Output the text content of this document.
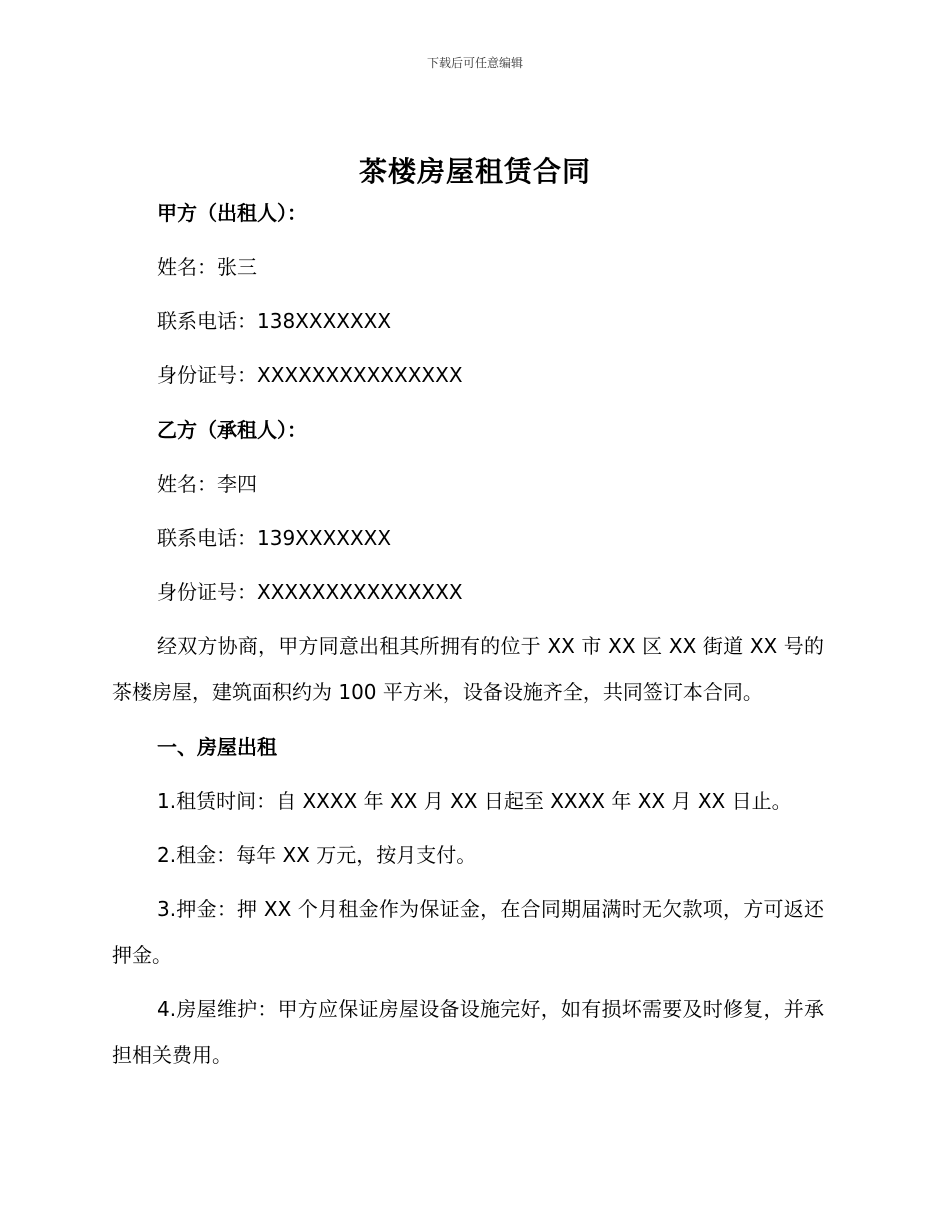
下载后可任意编辑
茶楼房屋租赁合同
甲方（出租人）：
姓名：张三
联系电话：138XXXXXXX
身份证号：XXXXXXXXXXXXXXX
乙方（承租人）：
姓名：李四
联系电话：139XXXXXXX
身份证号：XXXXXXXXXXXXXXX
经双方协商，甲方同意出租其所拥有的位于 XX 市 XX 区 XX 街道 XX 号的茶楼房屋，建筑面积约为 100 平方米，设备设施齐全，共同签订本合同。
一、房屋出租
1.租赁时间：自 XXXX 年 XX 月 XX 日起至 XXXX 年 XX 月 XX 日止。
2.租金：每年 XX 万元，按月支付。
3.押金：押 XX 个月租金作为保证金，在合同期届满时无欠款项，方可返还押金。
4.房屋维护：甲方应保证房屋设备设施完好，如有损坏需要及时修复，并承担相关费用。
